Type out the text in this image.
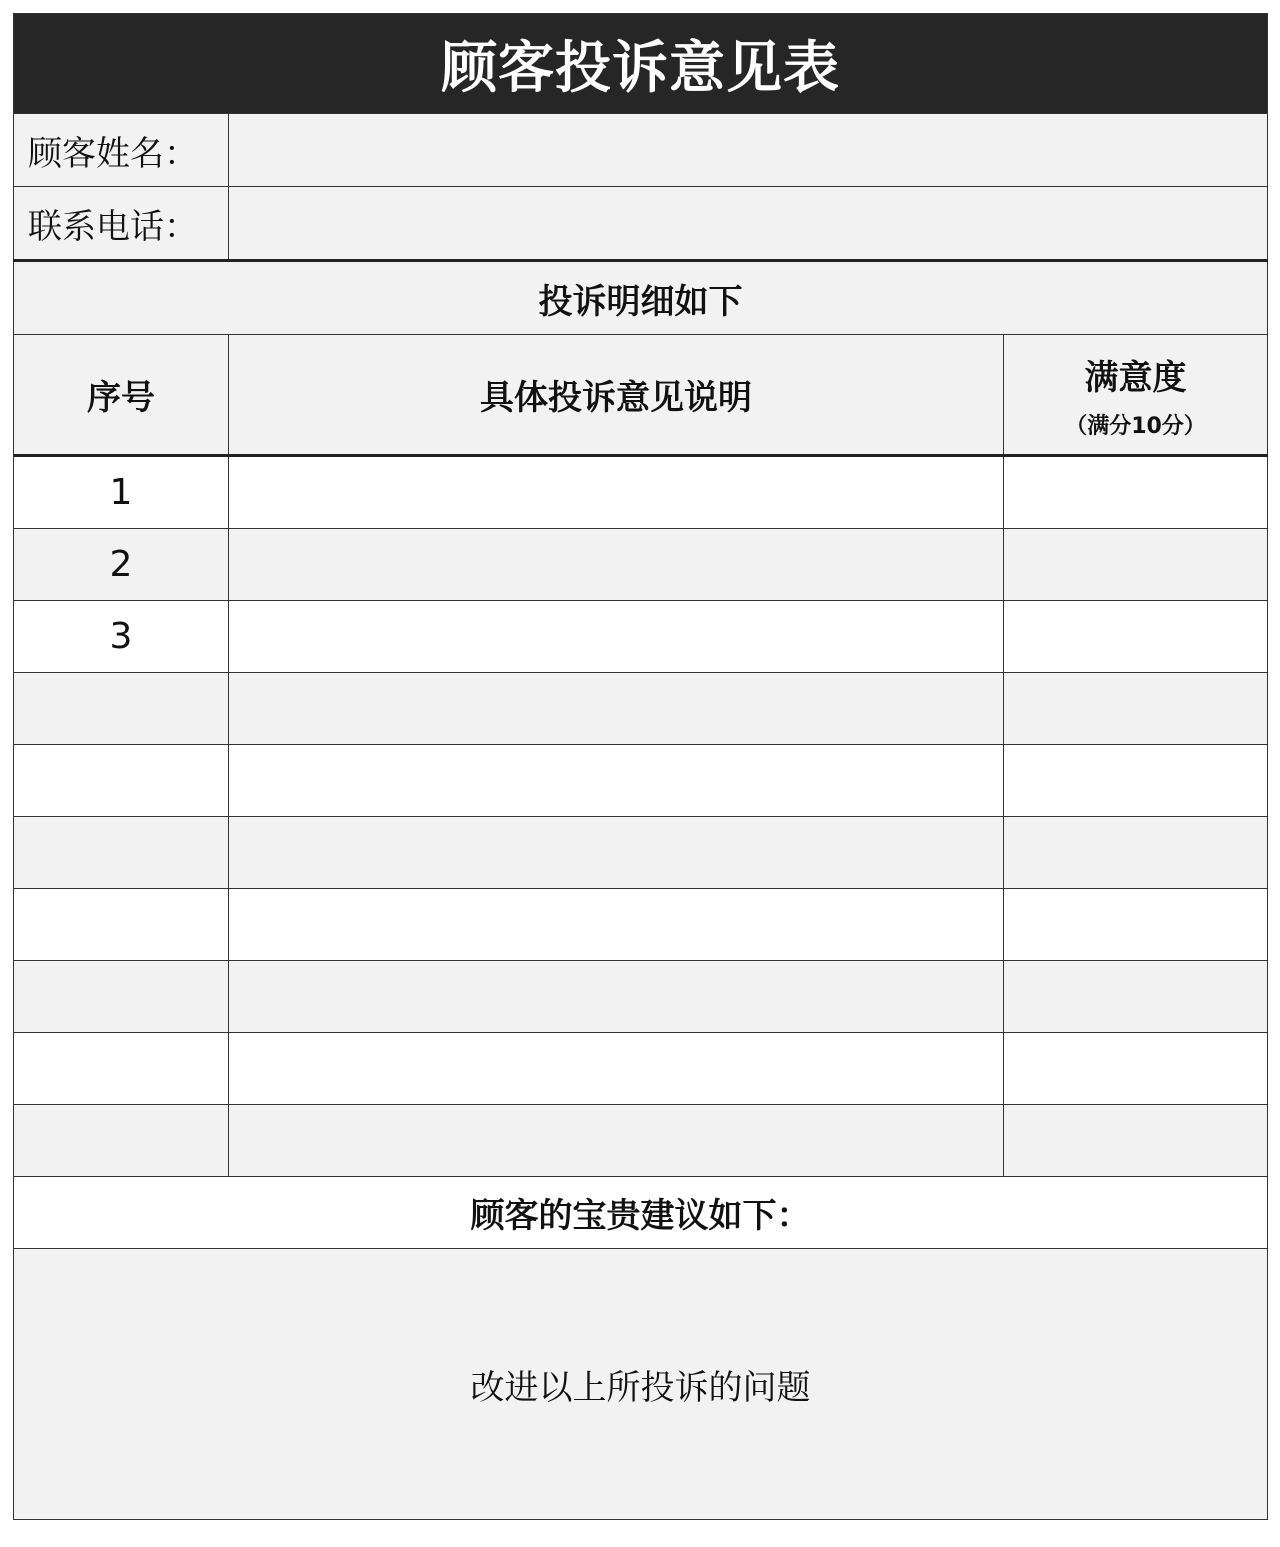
顾客投诉意见表		
顾客姓名：		
联系电话：		
投诉明细如下		
序号	具体投诉意见说明	满意度
（满分10分）

1		
2		
3		

顾客的宝贵建议如下：		
改进以上所投诉的问题		
